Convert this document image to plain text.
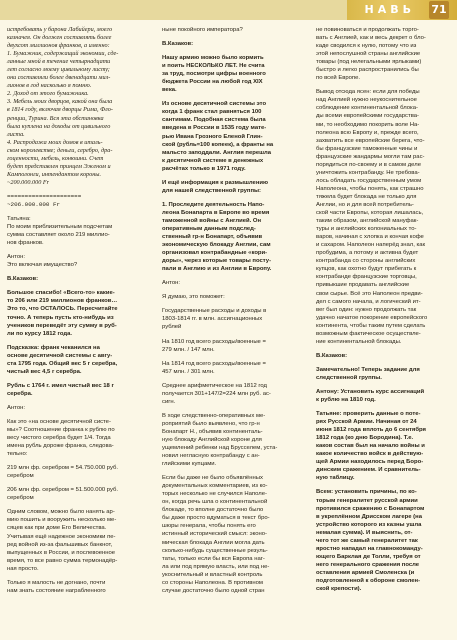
НАВЬ 71

истребовать у барона Лабийери, моего
казначея. Он должен составлять более
двухсот миллионов франков, а именно:
1. Бумажник, содержащий экономии, сде-
ланные мной в течение четырнадцати
лет согласно моему цивильному листу;
они составляли более двенадцати мил-
лионов в год насколько я помню.
2. Доход от этого бумажника.
3. Мебель моих дворцов, какой она была
в 1814 году, включая дворцы Рима, Фло-
ренции, Турина. Вся эта обстановка
была куплена на доходы от цивильного
листа.
4. Распродажа моих домов в италь-
ском королевстве; деньги, серебро, дра-
гоценности, мебель, конюшни. Счет
будет представлен принцем Эженом и
Камполонги, интендантом короны.
~200.000.000 Fr

=====================
~206.000.000 Fr

Татьяна:
По моим приблизительным подсчетам
сумма составляет около 219 миллио-
нов франков.

Антон:
Это включая имущество?

В.Казаков:

Большое спасибо! «Всего-то» какие-
то 206 или 219 миллионов франков…
Это то, что ОСТАЛОСЬ. Пересчитайте
точно. А теперь пусть кто-нибудь из
учеников переведёт эту сумму в руб-
ли по курсу 1812 года.

Подсказка: франк чеканился на
основе десятичной системы с авгу-
ста 1795 года. Общий вес 5 г серебра,
чистый вес 4,5 г серебра.

Рубль с 1764 г. имел чистый вес 18 г
серебра.

Антон:

Как это «на основе десятичной систе-
мы»? Соотношение франка к рублю по
весу чистого серебра будет 1/4. Тогда
имена рубль дороже франка, следова-
тельно:

219 млн фр. серебром = 54.750.000 руб.
серебром

206 млн фр. серебром = 51.500.000 руб.
серебром

Одним словом, можно было нанять ар-
мию пошить и вооружить несколько ме-
сяцев как при доме Его Величества.
Учитывая ещё надежное экономики пе-
ред войной из-за фальшивых банкнот,
выпущенных в России, и послевоенное
время, то все равно сумма термонадёр-
ная просто.

Только я малость не догнано, почти
нам знать состояние награбленного

ныне покойного императора?

В.Казаков:

Нашу армию можно было кормить
и поить НЕСКОЛЬКО ЛЕТ. Не счита
за труд, посмотри цифры военного
бюджета России на любой год XIX
века.

Из основе десятичной системы это
когда 1 франк стал равняться 100
сантимам. Подобная система была
введена в России в 1535 году мате-
рью Ивана Грозного Еленой Глин-
ской (рубль=100 копеек), а франты на
мальсто заподдали. Англия перешла
к десятичной системе в денежных
расчётах только в 1971 году.

И ещё информация к размышлению
для нашей следственной группы:

1. Проследите деятельность Напо-
леона Бонапарта в Европе во время
таможенной войны с Англией. Он
оперативным данным подслед-
ственный гр-н Бонапарт, объявив
экономическую блокаду Англии, сам
организовал контрабандные «кори-
доры», через которые товары посту-
пали в Англию и из Англии в Европу.

Антон:

Я думаю, это поможет:

Государственные расходы и доходы в
1803-1814 гг. в млн. ассигнационных
рублей

На 1810 год всего расходы/военные =
279 млн. / 147 млн.

На 1814 год всего расходы/военные =
457 млн. / 301 млн.

Среднее арифметическое на 1812 год
получается 301+147/2=224 млн руб. ас-
сигн.

В ходе следственно-оперативных ме-
роприятий было выявлено, что гр-н
Бонапарт Н., объявив континенталь-
ную блокаду Английской короне для
ущемлений ребенки над Брусселем, уста-
новил негласную контрабанду с ан-
глийскими купцами.

Если бы даже не было объявлённых
документальных комментариев, из ко-
торых несколько не случился Наполе-
он, когда речь шла о континентальной
блокаде, то вполне достаточно было
бы даже просто вдуматься в текст бро-
шюры генерала, чтобы понять его
истинный исторический смысл: эконо-
мическая блокада Англии могла дать
сколько-нибудь существенные резуль-
таты, только если бы вся Европа наг-
ла или под прямую власть, или под не-
укоснительный и властный контроль
со стороны Наполеона. В противном
случае достаточно было одной стран

не повиноваться и продолжать торго-
вать с Англией, как и весь декрет о бло-
каде сводился к нулю, потому что из
этой непослушной страны английские
товары (под нелегальными ярлыками)
быстро и легко распространились бы
по всей Европе.

Вывод отсюда ясен: если для победы
над Англией нужно неукоснительное
соблюдение континентальной блока-
ды всеми европейскими государства-
ми, то необходимо покорить воле На-
полеона всю Европу и, прежде всего,
захватить все европейские берега, что-
бы французские таможенные чины и
французские жандармы могли там рас-
порядиться по-своему и в самом деле
уничтожить контрабанду. Не требова-
лось обладать государственным умом
Наполеона, чтобы понять, как страшно
тяжела будет блокада не только для
Англии, но и для всей потребитель-
ской части Европы, которая лишалась,
таким образом, английской мануфак-
туры и английских колониальных то-
варов, начиная с хлопка и кончая кофе
и сахаром. Наполеон наперёд знал, как
пробудима, а потому и активна будет
контрабанда со стороны английских
купцов, как охотно будут прибегать к
контрабанде французские торговцы,
привыкшие продавать английские
свои сырье. Всё это Наполеон предви-
дел с самого начала, и логический ит-
вег был один: нужно продолжать так
удачно начатое покорение европейского
континента, чтобы таким путем сделать
возможным фактическое осуществле-
ние континентальной блокады.

В.Казаков:

Замечательно! Теперь задание для
следственной группы.

Антону: Установить курс ассигнаций
к рублю на 1810 год.

Татьяне: проверить данные о поте-
рях Русской Армии. Начиная от 24
июня 1812 года вплоть до 6 сентября
1812 года (ко дню Бородина). Т.е.
каков состав был на начало войны и
какое количество войск в действую-
щей Армии находилось перед Боро-
динским сражением. И сравнитель-
ную таблицу.

Всем: установить причины, по ко-
торым генералитет русской армии
противился сражению с Бонапартом
в укреплённом Дрисском лагере (на
устройство которого из казны ушла
немалая сумма). И выяснить, от-
чего тот же самый генералитет так
яростно нападал на главнокоманду-
ющего Барклая де Толли, требуя от
него генерального сражения после
оставления армией Смоленска (и
подготовленной к обороне смолен-
ской крепости).
